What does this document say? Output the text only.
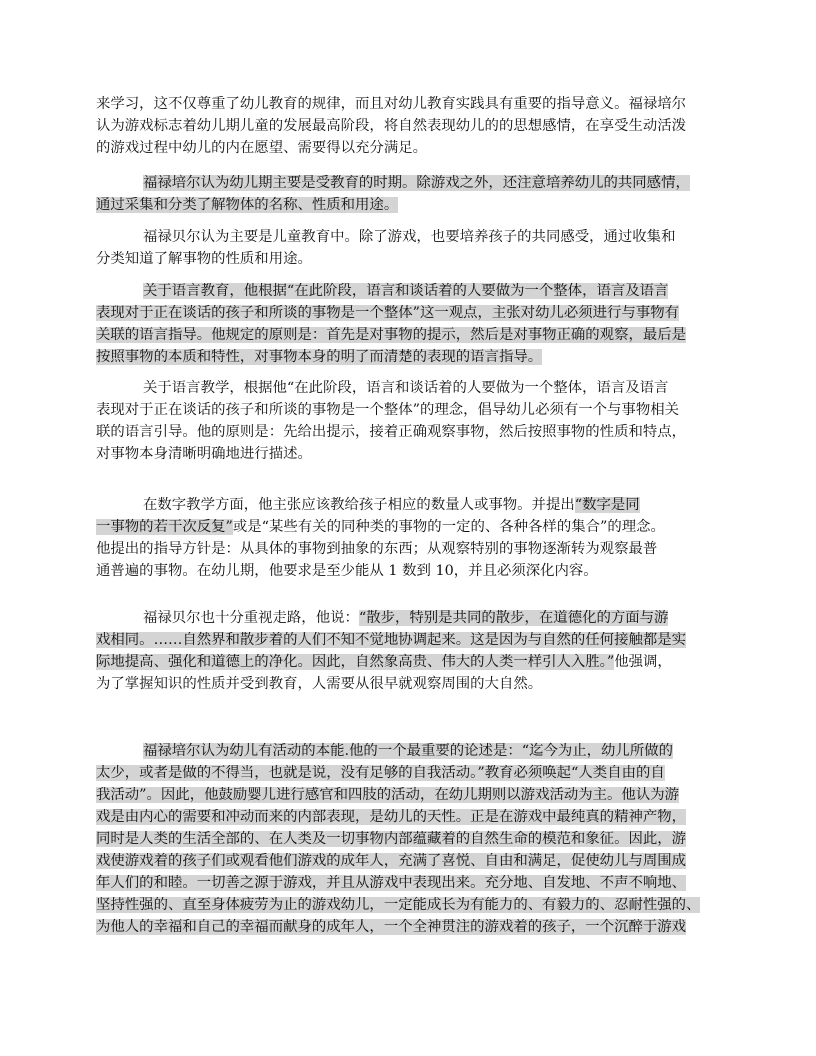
来学习，这不仅尊重了幼儿教育的规律，而且对幼儿教育实践具有重要的指导意义。福禄培尔
认为游戏标志着幼儿期儿童的发展最高阶段，将自然表现幼儿的的思想感情，在享受生动活泼
的游戏过程中幼儿的内在愿望、需要得以充分满足。
福禄培尔认为幼儿期主要是受教育的时期。除游戏之外，还注意培养幼儿的共同感情，
通过采集和分类了解物体的名称、性质和用途。
福禄贝尔认为主要是儿童教育中。除了游戏，也要培养孩子的共同感受，通过收集和
分类知道了解事物的性质和用途。
关于语言教育，他根据“在此阶段，语言和谈话着的人要做为一个整体，语言及语言
表现对于正在谈话的孩子和所谈的事物是一个整体”这一观点，主张对幼儿必须进行与事物有
关联的语言指导。他规定的原则是：首先是对事物的提示，然后是对事物正确的观察，最后是
按照事物的本质和特性，对事物本身的明了而清楚的表现的语言指导。
关于语言教学，根据他“在此阶段，语言和谈话着的人要做为一个整体，语言及语言
表现对于正在谈话的孩子和所谈的事物是一个整体”的理念，倡导幼儿必须有一个与事物相关
联的语言引导。他的原则是：先给出提示，接着正确观察事物，然后按照事物的性质和特点，
对事物本身清晰明确地进行描述。
在数字教学方面，他主张应该教给孩子相应的数量人或事物。并提出“数字是同
一事物的若干次反复”或是“某些有关的同种类的事物的一定的、各种各样的集合”的理念。
他提出的指导方针是：从具体的事物到抽象的东西；从观察特别的事物逐渐转为观察最普
通普遍的事物。在幼儿期，他要求是至少能从 1 数到 10，并且必须深化内容。
福禄贝尔也十分重视走路，他说：“散步，特别是共同的散步，在道德化的方面与游
戏相同。……自然界和散步着的人们不知不觉地协调起来。这是因为与自然的任何接触都是实
际地提高、强化和道德上的净化。因此，自然象高贵、伟大的人类一样引人入胜。”他强调，
为了掌握知识的性质并受到教育，人需要从很早就观察周围的大自然。
福禄培尔认为幼儿有活动的本能.他的一个最重要的论述是：“迄今为止，幼儿所做的
太少，或者是做的不得当，也就是说，没有足够的自我活动。”教育必须唤起“人类自由的自
我活动”。因此，他鼓励婴儿进行感官和四肢的活动，在幼儿期则以游戏活动为主。他认为游
戏是由内心的需要和冲动而来的内部表现，是幼儿的天性。正是在游戏中最纯真的精神产物，
同时是人类的生活全部的、在人类及一切事物内部蕴藏着的自然生命的模范和象征。因此，游
戏使游戏着的孩子们或观看他们游戏的成年人，充满了喜悦、自由和满足，促使幼儿与周围成
年人们的和睦。一切善之源于游戏，并且从游戏中表现出来。充分地、自发地、不声不响地、
坚持性强的、直至身体疲劳为止的游戏幼儿，一定能成长为有能力的、有毅力的、忍耐性强的、
为他人的幸福和自己的幸福而献身的成年人，一个全神贯注的游戏着的孩子，一个沉醉于游戏
